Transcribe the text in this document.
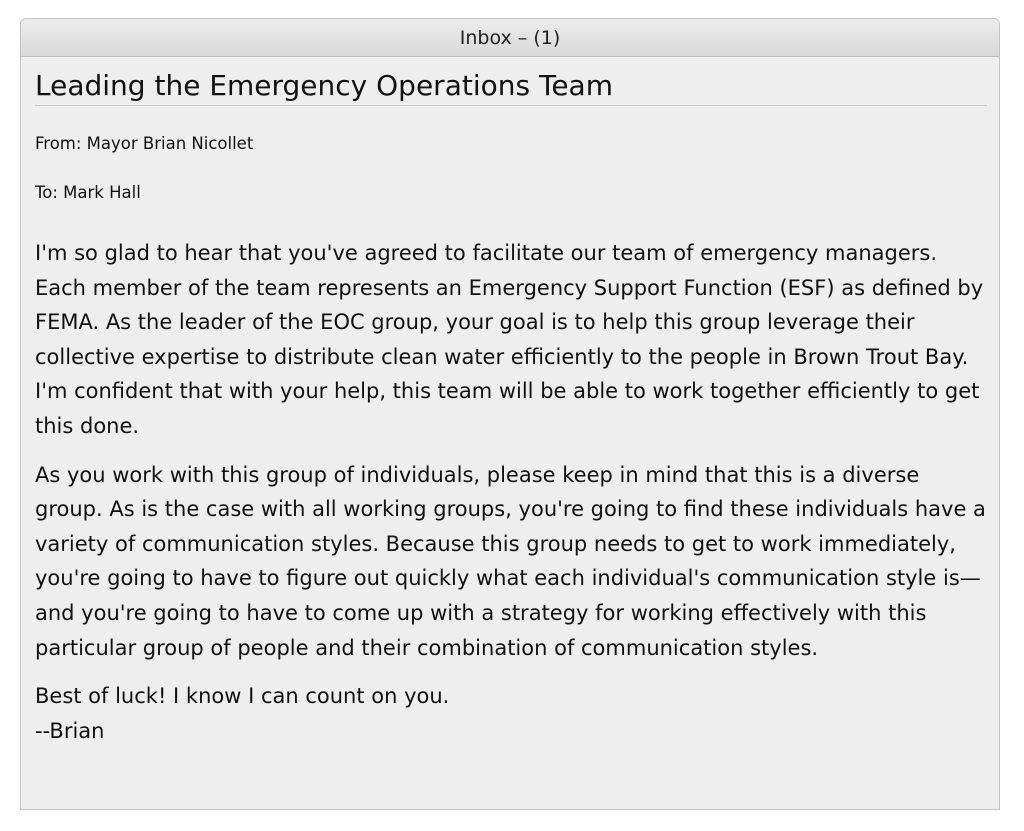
Inbox – (1)
Leading the Emergency Operations Team

From: Mayor Brian Nicollet

To: Mark Hall

I'm so glad to hear that you've agreed to facilitate our team of emergency managers. Each member of the team represents an Emergency Support Function (ESF) as defined by FEMA. As the leader of the EOC group, your goal is to help this group leverage their collective expertise to distribute clean water efficiently to the people in Brown Trout Bay. I'm confident that with your help, this team will be able to work together efficiently to get this done.

As you work with this group of individuals, please keep in mind that this is a diverse group. As is the case with all working groups, you're going to find these individuals have a variety of communication styles. Because this group needs to get to work immediately, you're going to have to figure out quickly what each individual's communication style is—and you're going to have to come up with a strategy for working effectively with this particular group of people and their combination of communication styles.

Best of luck! I know I can count on you.
--Brian
